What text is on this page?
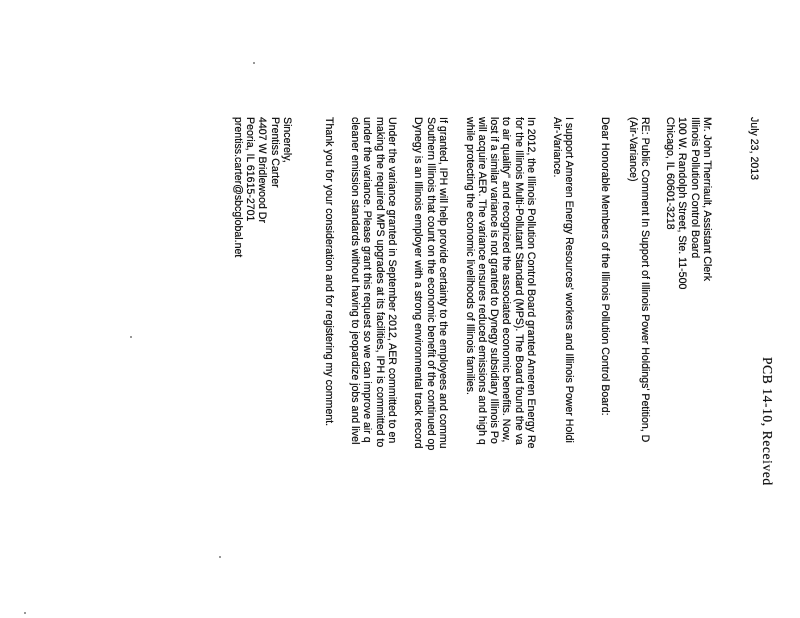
PCB 14-10, Received
July 23, 2013

Mr. John Therriault, Assistant Clerk

Illinois Pollution Control Board

100 W. Randolph Street, Ste. 11-500

Chicago, IL 60601-3218

RE: Public Comment In Support of Illinois Power Holdings' Petition, D

(Air-Variance)

Dear Honorable Members of the Illinois Pollution Control Board:

I support Ameren Energy Resources' workers and Illinois Power Holdi

Air-Variance.

In 2012, the Illinois Pollution Control Board granted Ameren Energy Re

for the Illinois Multi-Pollutant Standard (MPS). The Board found the va

to air quality" and recognized the associated economic benefits. Now,

lost if a similar variance is not granted to Dynegy subsidiary Illinois Po

will acquire AER. The variance ensures reduced emissions and high q

while protecting the economic livelihoods of Illinois families.

If granted, IPH will help provide certainty to the employees and commu

Southern Illinois that count on the economic benefit of the continued op

Dynegy is an Illinois employer with a strong environmental track record

Under the variance granted in September 2012, AER committed to en

making the required MPS upgrades at its facilities, IPH is committed to

under the variance. Please grant this request so we can improve air q

cleaner emission standards without having to jeopardize jobs and livel

Thank you for your consideration and for registering my comment.

Sincerely,

Prentiss Carter

4407 W Bridlewood Dr

Peoria, IL 61615-2701

prentiss.carter@sbcglobal.net
